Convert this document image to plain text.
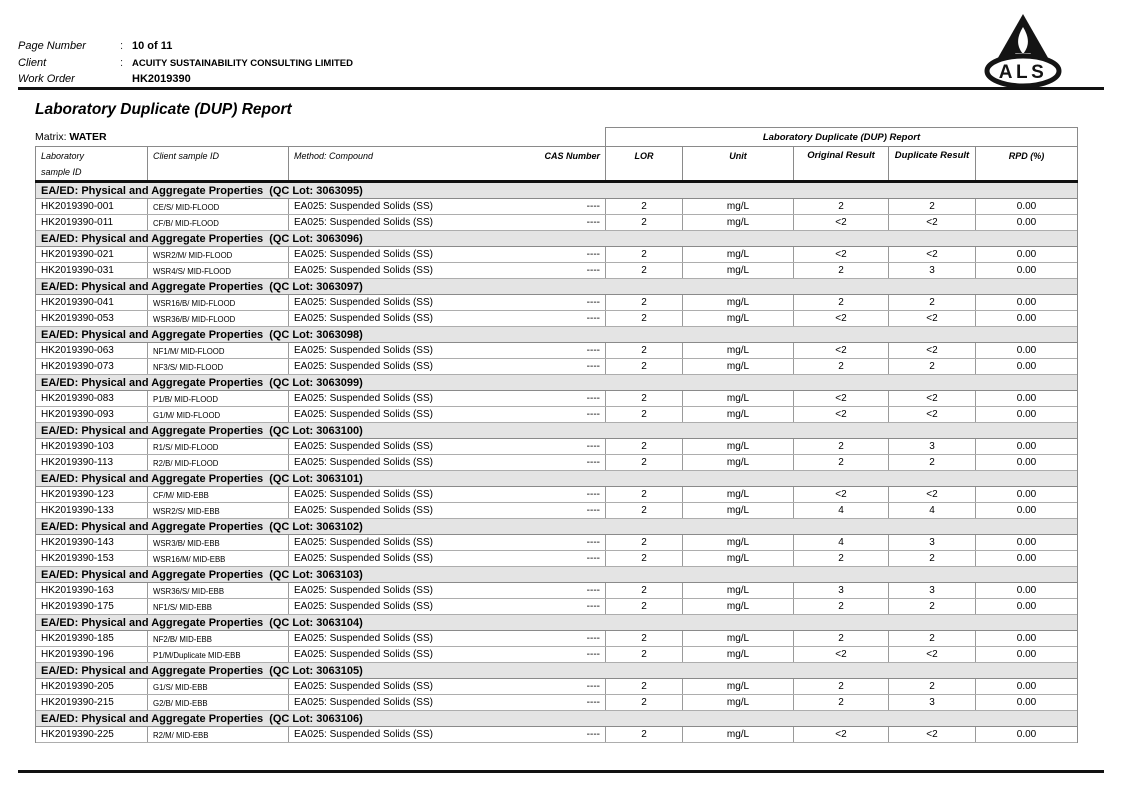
Page Number	: 10 of 11
Client	: ACUITY SUSTAINABILITY CONSULTING LIMITED
Work Order	HK2019390	ALS
Laboratory Duplicate (DUP) Report
Matrix: WATER	Laboratory Duplicate (DUP) Report
Laboratory
sample ID
Client sample ID	Method: Compound	CAS Number	LOR	Unit	Original Result	Duplicate Result	RPD (%)
EA/ED: Physical and Aggregate Properties  (QC Lot: 3063095)
HK2019390-001	CE/S/ MID-FLOOD	EA025: Suspended Solids (SS)	----	2	mg/L	2	2	0.00
HK2019390-011	CF/B/ MID-FLOOD	EA025: Suspended Solids (SS)	----	2	mg/L	<2	<2	0.00
EA/ED: Physical and Aggregate Properties  (QC Lot: 3063096)
HK2019390-021	WSR2/M/ MID-FLOOD	EA025: Suspended Solids (SS)	----	2	mg/L	<2	<2	0.00
HK2019390-031	WSR4/S/ MID-FLOOD	EA025: Suspended Solids (SS)	----	2	mg/L	2	3	0.00
EA/ED: Physical and Aggregate Properties  (QC Lot: 3063097)
HK2019390-041	WSR16/B/ MID-FLOOD	EA025: Suspended Solids (SS)	----	2	mg/L	2	2	0.00
HK2019390-053	WSR36/B/ MID-FLOOD	EA025: Suspended Solids (SS)	----	2	mg/L	<2	<2	0.00
EA/ED: Physical and Aggregate Properties  (QC Lot: 3063098)
HK2019390-063	NF1/M/ MID-FLOOD	EA025: Suspended Solids (SS)	----	2	mg/L	<2	<2	0.00
HK2019390-073	NF3/S/ MID-FLOOD	EA025: Suspended Solids (SS)	----	2	mg/L	2	2	0.00
EA/ED: Physical and Aggregate Properties  (QC Lot: 3063099)
HK2019390-083	P1/B/ MID-FLOOD	EA025: Suspended Solids (SS)	----	2	mg/L	<2	<2	0.00
HK2019390-093	G1/M/ MID-FLOOD	EA025: Suspended Solids (SS)	----	2	mg/L	<2	<2	0.00
EA/ED: Physical and Aggregate Properties  (QC Lot: 3063100)
HK2019390-103	R1/S/ MID-FLOOD	EA025: Suspended Solids (SS)	----	2	mg/L	2	3	0.00
HK2019390-113	R2/B/ MID-FLOOD	EA025: Suspended Solids (SS)	----	2	mg/L	2	2	0.00
EA/ED: Physical and Aggregate Properties  (QC Lot: 3063101)
HK2019390-123	CF/M/ MID-EBB	EA025: Suspended Solids (SS)	----	2	mg/L	<2	<2	0.00
HK2019390-133	WSR2/S/ MID-EBB	EA025: Suspended Solids (SS)	----	2	mg/L	4	4	0.00
EA/ED: Physical and Aggregate Properties  (QC Lot: 3063102)
HK2019390-143	WSR3/B/ MID-EBB	EA025: Suspended Solids (SS)	----	2	mg/L	4	3	0.00
HK2019390-153	WSR16/M/ MID-EBB	EA025: Suspended Solids (SS)	----	2	mg/L	2	2	0.00
EA/ED: Physical and Aggregate Properties  (QC Lot: 3063103)
HK2019390-163	WSR36/S/ MID-EBB	EA025: Suspended Solids (SS)	----	2	mg/L	3	3	0.00
HK2019390-175	NF1/S/ MID-EBB	EA025: Suspended Solids (SS)	----	2	mg/L	2	2	0.00
EA/ED: Physical and Aggregate Properties  (QC Lot: 3063104)
HK2019390-185	NF2/B/ MID-EBB	EA025: Suspended Solids (SS)	----	2	mg/L	2	2	0.00
HK2019390-196	P1/M/Duplicate MID-EBB	EA025: Suspended Solids (SS)	----	2	mg/L	<2	<2	0.00
EA/ED: Physical and Aggregate Properties  (QC Lot: 3063105)
HK2019390-205	G1/S/ MID-EBB	EA025: Suspended Solids (SS)	----	2	mg/L	2	2	0.00
HK2019390-215	G2/B/ MID-EBB	EA025: Suspended Solids (SS)	----	2	mg/L	2	3	0.00
EA/ED: Physical and Aggregate Properties  (QC Lot: 3063106)
HK2019390-225	R2/M/ MID-EBB	EA025: Suspended Solids (SS)	----	2	mg/L	<2	<2	0.00
